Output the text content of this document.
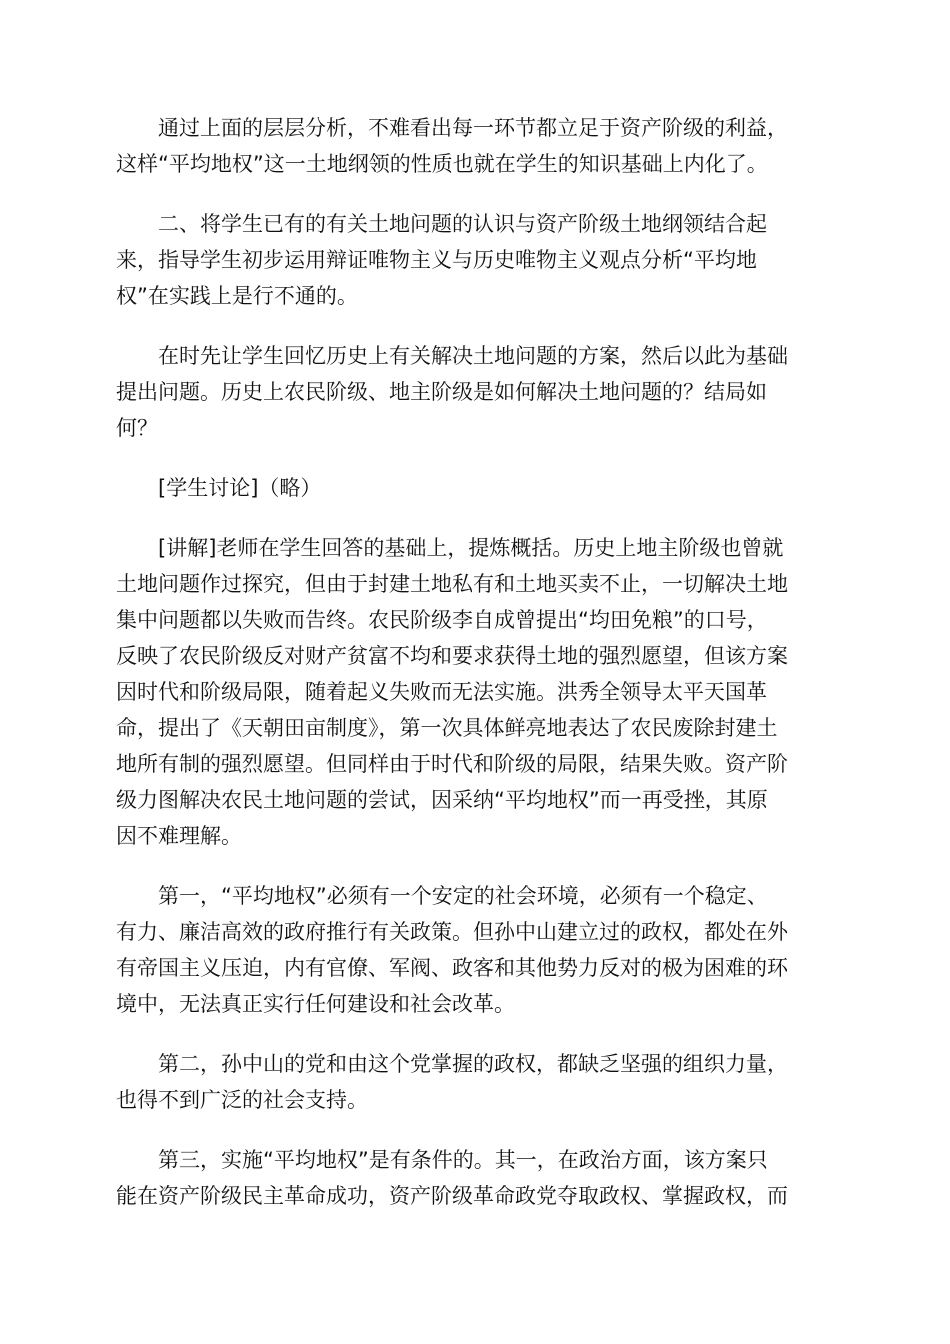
通过上面的层层分析，不难看出每一环节都立足于资产阶级的利益，
这样“平均地权”这一土地纲领的性质也就在学生的知识基础上内化了。
二、将学生已有的有关土地问题的认识与资产阶级土地纲领结合起
来，指导学生初步运用辩证唯物主义与历史唯物主义观点分析“平均地
权”在实践上是行不通的。
在时先让学生回忆历史上有关解决土地问题的方案，然后以此为基础
提出问题。历史上农民阶级、地主阶级是如何解决土地问题的？结局如
何？
[学生讨论]（略）
[讲解]老师在学生回答的基础上，提炼概括。历史上地主阶级也曾就
土地问题作过探究，但由于封建土地私有和土地买卖不止，一切解决土地
集中问题都以失败而告终。农民阶级李自成曾提出“均田免粮”的口号，
反映了农民阶级反对财产贫富不均和要求获得土地的强烈愿望，但该方案
因时代和阶级局限，随着起义失败而无法实施。洪秀全领导太平天国革
命，提出了《天朝田亩制度》，第一次具体鲜亮地表达了农民废除封建土
地所有制的强烈愿望。但同样由于时代和阶级的局限，结果失败。资产阶
级力图解决农民土地问题的尝试，因采纳“平均地权”而一再受挫，其原
因不难理解。
第一，“平均地权”必须有一个安定的社会环境，必须有一个稳定、
有力、廉洁高效的政府推行有关政策。但孙中山建立过的政权，都处在外
有帝国主义压迫，内有官僚、军阀、政客和其他势力反对的极为困难的环
境中，无法真正实行任何建设和社会改革。
第二，孙中山的党和由这个党掌握的政权，都缺乏坚强的组织力量，
也得不到广泛的社会支持。
第三，实施“平均地权”是有条件的。其一，在政治方面，该方案只
能在资产阶级民主革命成功，资产阶级革命政党夺取政权、掌握政权，而
